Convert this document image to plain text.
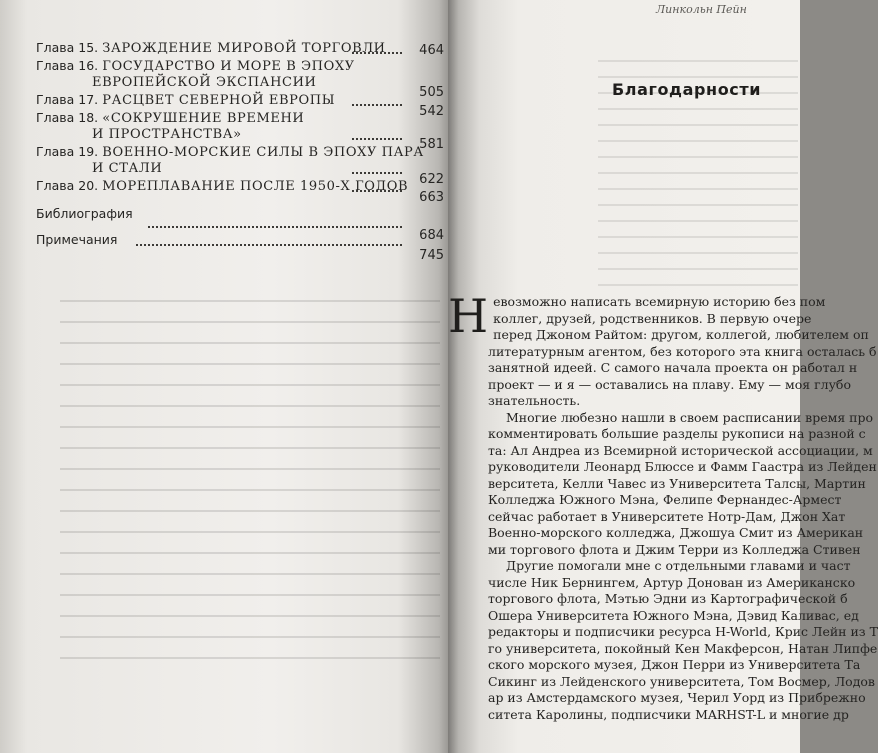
Глава 15. ЗАРОЖДЕНИЕ МИРОВОЙ ТОРГОВЛИ	464
Глава 16. ГОСУДАРСТВО И МОРЕ В ЭПОХУ
ЕВРОПЕЙСКОЙ ЭКСПАНСИИ
505
Глава 17. РАСЦВЕТ СЕВЕРНОЙ ЕВРОПЫ
542
Глава 18. «СОКРУШЕНИЕ ВРЕМЕНИ
И ПРОСТРАНСТВА»
581
Глава 19. ВОЕННО-МОРСКИЕ СИЛЫ В ЭПОХУ ПАРА
И СТАЛИ
622
Глава 20. МОРЕПЛАВАНИЕ ПОСЛЕ 1950-Х ГОДОВ
663
Библиография
684
Примечания
745
Линкольн Пейн
Благодарности
Н евозможно написать всемирную историю без пом

коллег, друзей, родственников. В первую очере

перед Джоном Райтом: другом, коллегой, любителем оп

литературным агентом, без которого эта книга осталась б

занятной идеей. С самого начала проекта он работал н

проект — и я — оставались на плаву. Ему — моя глубо

знательность.

Многие любезно нашли в своем расписании время про

комментировать большие разделы рукописи на разной с

та: Ал Андреа из Всемирной исторической ассоциации, м

руководители Леонард Блюссе и Фамм Гаастра из Лейден

верситета, Келли Чавес из Университета Талсы, Мартин

Колледжа Южного Мэна, Фелипе Фернандес-Армест

сейчас работает в Университете Нотр-Дам, Джон Хат

Военно-морского колледжа, Джошуа Смит из Американ

ми торгового флота и Джим Терри из Колледжа Стивен

Другие помогали мне с отдельными главами и част

числе Ник Бернингем, Артур Донован из Американско

торгового флота, Мэтью Эдни из Картографической б

Ошера Университета Южного Мэна, Дэвид Каливас, ед

редакторы и подписчики ресурса H-World, Крис Лейн из Т

го университета, покойный Кен Макферсон, Натан Липфе

ского морского музея, Джон Перри из Университета Та

Сикинг из Лейденского университета, Том Восмер, Лодов

ар из Амстердамского музея, Черил Уорд из Прибрежно

ситета Каролины, подписчики MARHST-L и многие др
